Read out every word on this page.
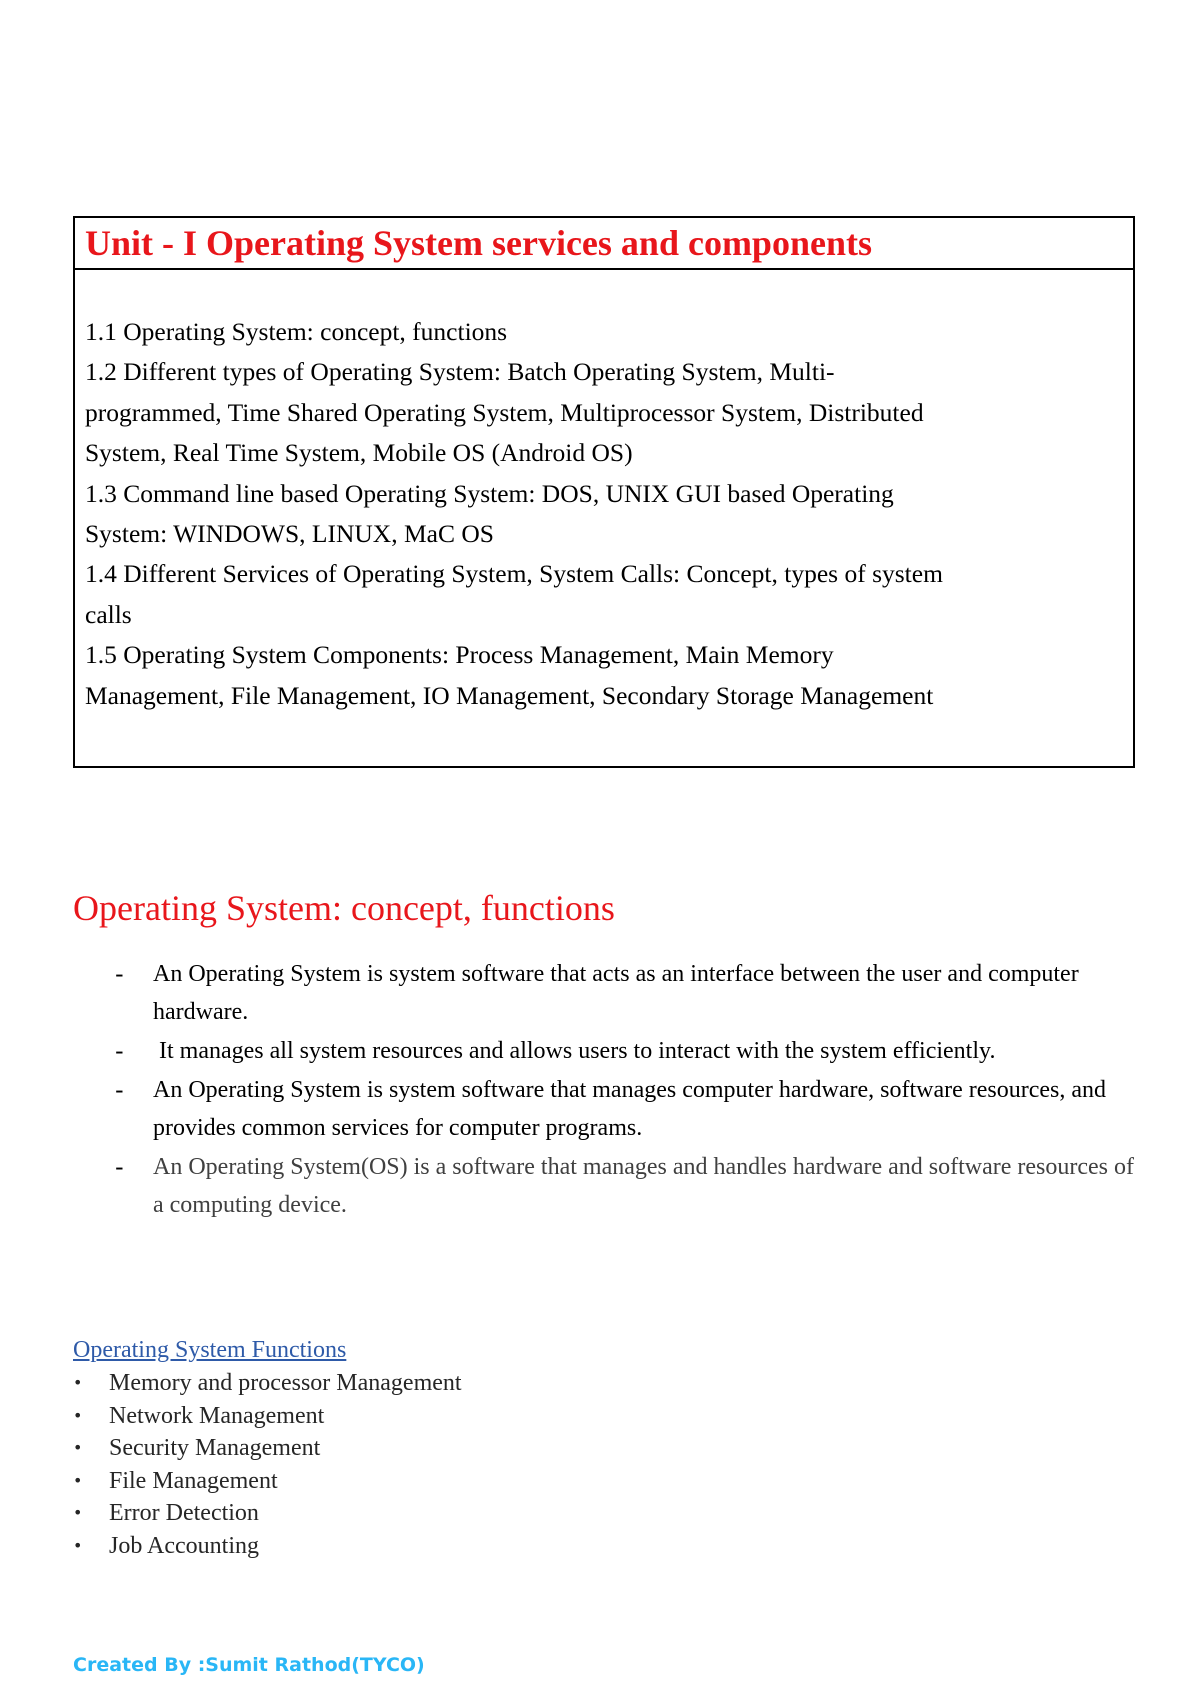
Unit - I Operating System services and components

1.1 Operating System: concept, functions

1.2 Different types of Operating System: Batch Operating System, Multi-

programmed, Time Shared Operating System, Multiprocessor System, Distributed

System, Real Time System, Mobile OS (Android OS)

1.3 Command line based Operating System: DOS, UNIX GUI based Operating

System: WINDOWS, LINUX, MaC OS

1.4 Different Services of Operating System, System Calls: Concept, types of system

calls

1.5 Operating System Components: Process Management, Main Memory

Management, File Management, IO Management, Secondary Storage Management

Operating System: concept, functions
- An Operating System is system software that acts as an interface between the user and computer hardware.
- It manages all system resources and allows users to interact with the system efficiently.
- An Operating System is system software that manages computer hardware, software resources, and provides common services for computer programs.
- An Operating System(OS) is a software that manages and handles hardware and software resources of a computing device.
Operating System Functions
• Memory and processor Management
• Network Management
• Security Management
• File Management
• Error Detection
• Job Accounting
Created By :Sumit Rathod(TYCO)
